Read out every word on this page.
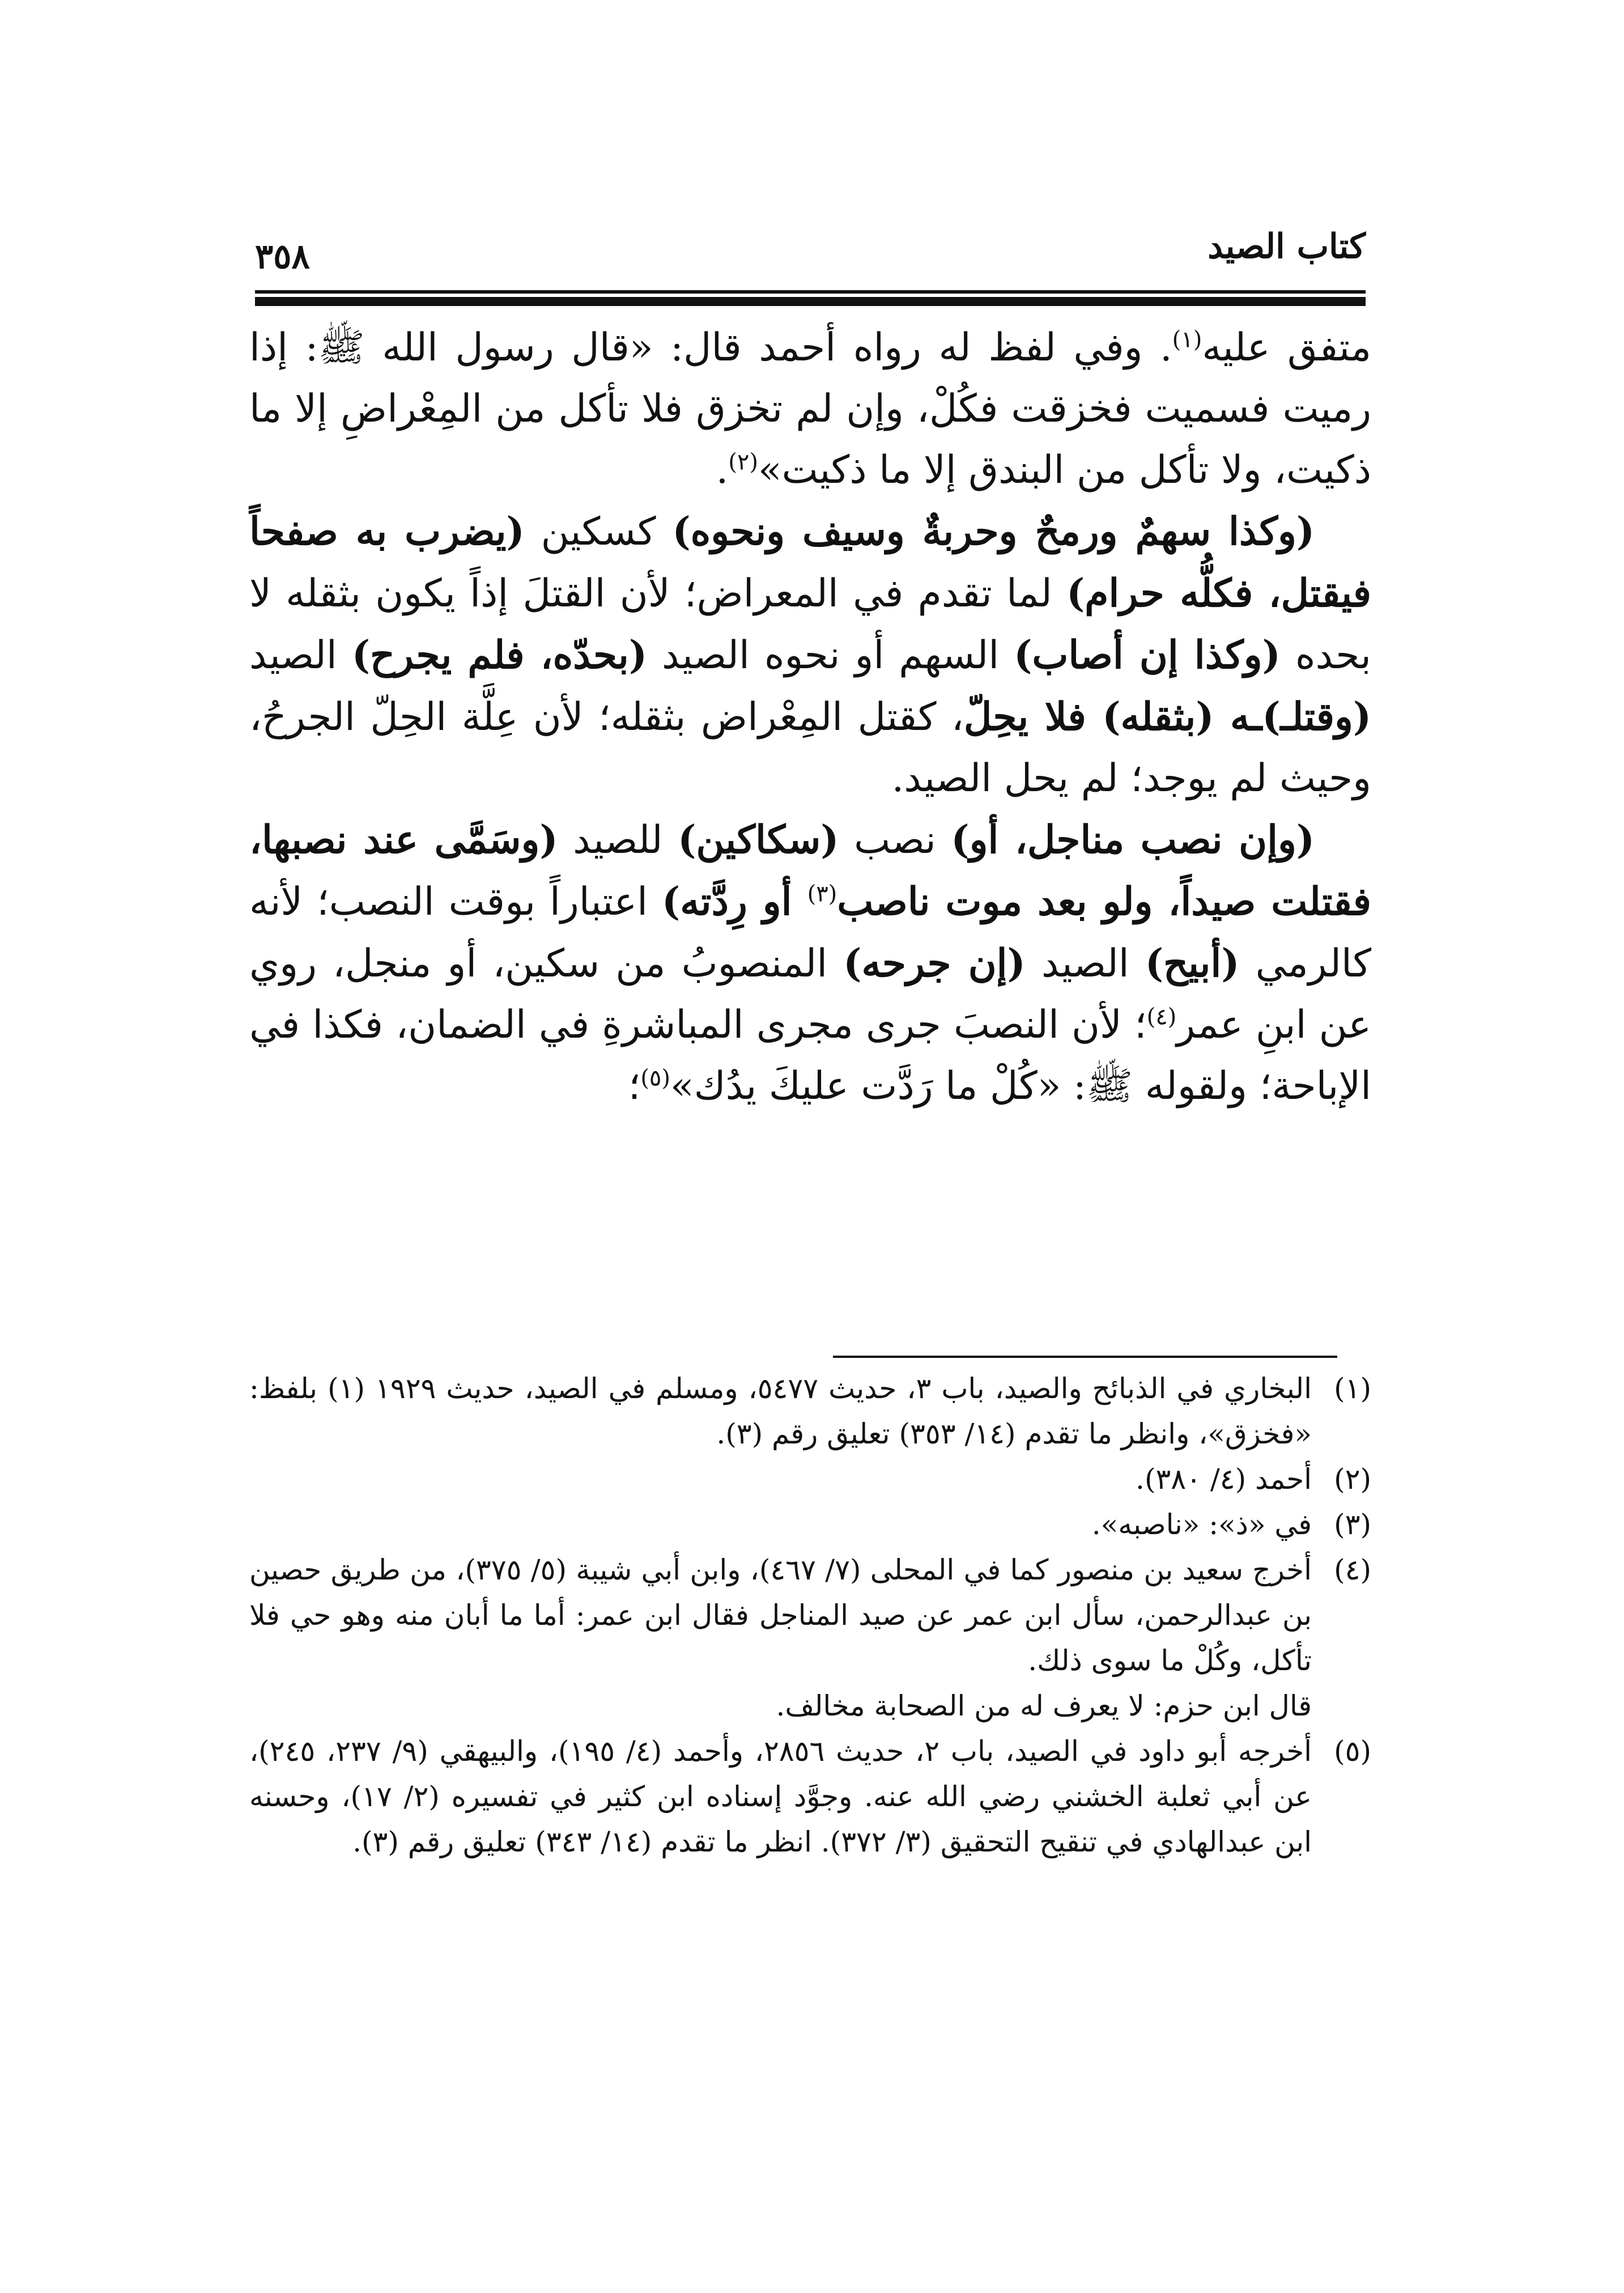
كتاب الصيد
٣٥٨

متفق عليه$^{(١)}$. وفي لفظ له رواه أحمد قال: «قال رسول الله ﷺ: إذا رميت فسميت فخزقت فكُلْ، وإن لم تخزق فلا تأكل من المِعْراضِ إلا ما ذكيت، ولا تأكل من البندق إلا ما ذكيت»$^{(٢)}$.

(وكذا سهمٌ ورمحٌ وحربةٌ وسيف ونحوه) كسكين (يضرب به صفحاً فيقتل، فكلُّه حرام) لما تقدم في المعراض؛ لأن القتلَ إذاً يكون بثقله لا بحده (وكذا إن أصاب) السهم أو نحوه الصيد (بحدّه، فلم يجرح) الصيد (وقتلـ)ـه (بثقله) فلا يحِلّ، كقتل المِعْراض بثقله؛ لأن عِلَّة الحِلّ الجرحُ، وحيث لم يوجد؛ لم يحل الصيد.

(وإن نصب مناجل، أو) نصب (سكاكين) للصيد (وسَمَّى عند نصبها، فقتلت صيداً، ولو بعد موت ناصب$^{(٣)}$ أو رِدَّته) اعتباراً بوقت النصب؛ لأنه كالرمي (أبيح) الصيد (إن جرحه) المنصوبُ من سكين، أو منجل، روي عن ابنِ عمر$^{(٤)}$؛ لأن النصبَ جرى مجرى المباشرةِ في الضمان، فكذا في الإباحة؛ ولقوله ﷺ: «كُلْ ما رَدَّت عليكَ يدُك»$^{(٥)}$؛

(١)
البخاري في الذبائح والصيد، باب ٣، حديث ٥٤٧٧، ومسلم في الصيد، حديث ١٩٢٩ (١) بلفظ: «فخزق»، وانظر ما تقدم (١٤/ ٣٥٣) تعليق رقم (٣).

(٢)
أحمد (٤/ ٣٨٠).

(٣)
في «ذ»: «ناصبه».

(٤)
أخرج سعيد بن منصور كما في المحلى (٧/ ٤٦٧)، وابن أبي شيبة (٥/ ٣٧٥)، من طريق حصين بن عبدالرحمن، سأل ابن عمر عن صيد المناجل فقال ابن عمر: أما ما أبان منه وهو حي فلا تأكل، وكُلْ ما سوى ذلك.
قال ابن حزم: لا يعرف له من الصحابة مخالف.

(٥)
أخرجه أبو داود في الصيد، باب ٢، حديث ٢٨٥٦، وأحمد (٤/ ١٩٥)، والبيهقي (٩/ ٢٣٧، ٢٤٥)، عن أبي ثعلبة الخشني رضي الله عنه. وجوَّد إسناده ابن كثير في تفسيره (٢/ ١٧)، وحسنه ابن عبدالهادي في تنقيح التحقيق (٣/ ٣٧٢). انظر ما تقدم (١٤/ ٣٤٣) تعليق رقم (٣).
